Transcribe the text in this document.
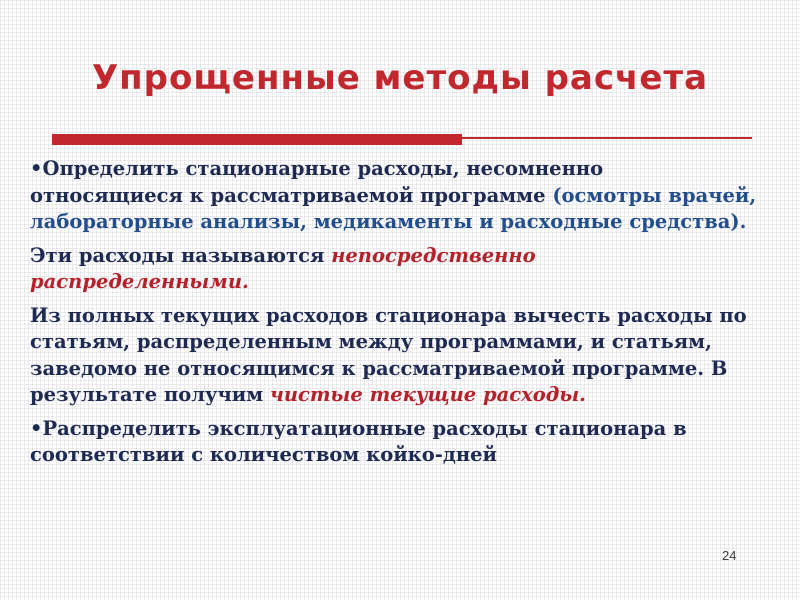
Упрощенные методы расчета

•Определить стационарные расходы, несомненно относящиеся к рассматриваемой программе (осмотры врачей, лабораторные анализы, медикаменты и расходные средства).

Эти расходы называются непосредственно распределенными.

Из полных текущих расходов стационара вычесть расходы по статьям, распределенным между программами, и статьям, заведомо не относящимся к рассматриваемой программе. В результате получим чистые текущие расходы.

•Распределить эксплуатационные расходы стационара в соответствии с количеством койко-дней

24
